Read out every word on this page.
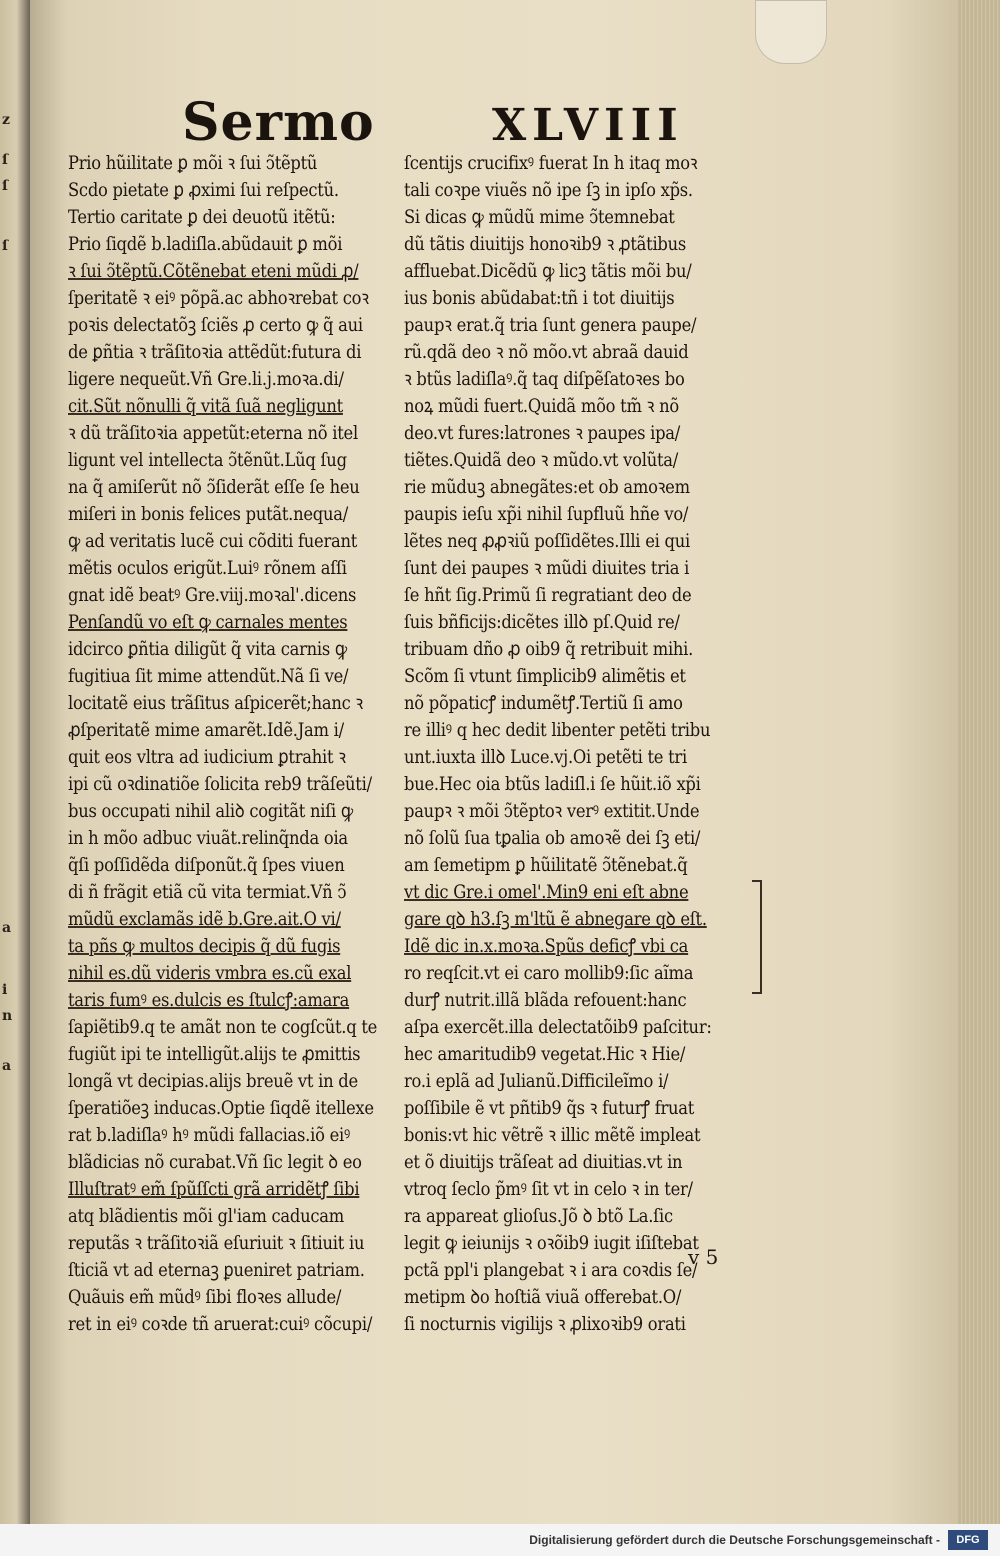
z
ſ
ſ
ſ
a
i
n
a
Sermo	XLVIII
Prio hũilitate ꝑ mõi ꝛ ſui ↄ̃tẽptũ
Scdo pietate ꝑ ꝓximi ſui reſpectũ.
Tertio caritate ꝑ dei deuotũ itẽtũ:
Prio ſiqdẽ b.ladiſla.abũdauit ꝑ mõi
ꝛ ſui ↄ̃tẽptũ.Cõtẽnebat eteni mũdi ꝓ/
ſperitatẽ ꝛ eiꝰ põpã.ac abhoꝛrebat coꝛ
poꝛis delectatõꝫ ſciẽs ꝓ certo ꝙ q̃ aui
de ꝑñtia ꝛ trãſitoꝛia attẽdũt:futura di
ligere nequeũt.Vñ Gre.li.j.moꝛa.di/
cit.Sũt nõnulli q̃ vitã ſuã negligunt
ꝛ dũ trãſitoꝛia appetũt:eterna nõ itel
ligunt vel intellecta ↄ̃tẽnũt.Lũq ſug
na q̃ amiſerũt nõ ↄ̃ſiderãt eſſe ſe heu
miſeri in bonis felices putãt.nequa/
ꝙ ad veritatis lucẽ cui cõditi fuerant
mẽtis oculos erigũt.Luiꝰ rõnem aſſi
gnat idẽ beatꝰ Gre.viij.moꝛal'.dicens
Penſandũ vo eſt ꝙ carnales mentes
idcirco ꝑñtia diligũt q̃ vita carnis ꝙ
fugitiua ſit mime attendũt.Nã ſi ve/
locitatẽ eius trãſitus aſpicerẽt;hanc ꝛ
ꝓſperitatẽ mime amarẽt.Idẽ.Jam i/
quit eos vltra ad iudicium ꝑtrahit ꝛ
ipi cũ oꝛdinatiõe ſolicita reb9 trãſeũti/
bus occupati nihil aliꝺ cogitãt niſi ꝙ
in h mõo adbuc viuãt.relinq̃nda oia
q̃ſi poſſidẽda diſponũt.q̃ ſpes viuen
di ñ frãgit etiã cũ vita termiat.Vñ ↄ̃
mũdũ exclamãs idẽ b.Gre.ait.O vi/
ta pñs ꝙ multos decipis q̃ dũ fugis
nihil es.dũ videris vmbra es.cũ exal
taris fumꝰ es.dulcis es ſtulcꝭ:amara
ſapiẽtib9.q te amãt non te cogſcũt.q te
fugiũt ipi te intelligũt.alijs te ꝓmittis
longã vt decipias.alijs breuẽ vt in de
ſperatiõeꝫ inducas.Optie ſiqdẽ itellexe
rat b.ladiſlaꝰ hꝰ mũdi fallacias.iõ eiꝰ
blãdicias nõ curabat.Vñ ſic legit ꝺ eo
Illuſtratꝰ em̃ ſpũſſcti grã arridẽtꝭ ſibi
atq blãdientis mõi gl'iam caducam
reputãs ꝛ trãſitoꝛiã eſuriuit ꝛ ſitiuit iu
ſticiã vt ad eternaꝫ ꝑueniret patriam.
Quãuis em̃ mũdꝰ ſibi floꝛes allude/
ret in eiꝰ coꝛde tñ aruerat:cuiꝰ cõcupi/
ſcentijs crucifixꝰ fuerat In h itaq moꝛ
tali coꝛpe viuẽs nõ ipe ſꝫ in ipſo xp̃s.
Si dicas ꝙ mũdũ mime ↄ̃temnebat
dũ tãtis diuitijs honoꝛib9 ꝛ ꝓtãtibus
affluebat.Dicẽdũ ꝙ licꝫ tãtis mõi bu/
ius bonis abũdabat:tñ i tot diuitijs
paupꝛ erat.q̃ tria ſunt genera paupe/
rũ.qdã deo ꝛ nõ mõo.vt abraã dauid
ꝛ btũs ladiſlaꝰ.q̃ taq diſpẽſatoꝛes bo
noꝝ mũdi fuert.Quidã mõo tm̃ ꝛ nõ
deo.vt fures:latrones ꝛ paupes ipa/
tiẽtes.Quidã deo ꝛ mũdo.vt volũta/
rie mũduꝫ abnegãtes:et ob amoꝛem
paupis ieſu xp̃i nihil ſupfluũ hñe vo/
lẽtes neq ꝓꝓꝛiũ poſſidẽtes.Illi ei qui
ſunt dei paupes ꝛ mũdi diuites tria i
ſe hñt ſig.Primũ ſi regratiant deo de
ſuis bñficijs:dicẽtes illꝺ pſ.Quid re/
tribuam dño ꝓ oib9 q̃ retribuit mihi.
Scõm ſi vtunt ſimplicib9 alimẽtis et
nõ põpaticꝭ indumẽtꝭ.Tertiũ ſi amo
re illiꝰ q hec dedit libenter petẽti tribu
unt.iuxta illꝺ Luce.vj.Oi petẽti te tri
bue.Hec oia btũs ladiſl.i ſe hũit.iõ xp̃i
paupꝛ ꝛ mõi ↄ̃tẽptoꝛ verꝰ extitit.Unde
nõ ſolũ ſua tꝑalia ob amoꝛẽ dei ſꝫ eti/
am ſemetipm ꝑ hũilitatẽ ↄ̃tẽnebat.q̃
vt dic Gre.i omel'.Min9 eni eſt abne
gare qꝺ h3.ſꝫ m'ltũ ẽ abnegare qꝺ eſt.
Idẽ dic in.x.moꝛa.Spũs deficꝭ vbi ca
ro reqſcit.vt ei caro mollib9:ſic aĩma
durꝭ nutrit.illã blãda refouent:hanc
aſpa exercẽt.illa delectatõib9 paſcitur:
hec amaritudib9 vegetat.Hic ꝛ Hie/
ro.i eplã ad Julianũ.Difficileĩmo i/
poſſibile ẽ vt pñtib9 q̃s ꝛ futurꝭ fruat
bonis:vt hic vẽtrẽ ꝛ illic mẽtẽ impleat
et õ diuitijs trãſeat ad diuitias.vt in
vtroq ſeclo p̃mꝰ ſit vt in celo ꝛ in ter/
ra appareat glioſus.Jõ ꝺ btõ La.ſic
legit ꝙ ieiunijs ꝛ oꝛõib9 iugit iſiſtebat
pctã ppl'i plangebat ꝛ i ara coꝛdis ſe/
metipm ꝺo hoſtiã viuã offerebat.O/
ſi nocturnis vigilijs ꝛ ꝓlixoꝛib9 orati
v 5
Digitalisierung gefördert durch die Deutsche Forschungsgemeinschaft -	DFG
